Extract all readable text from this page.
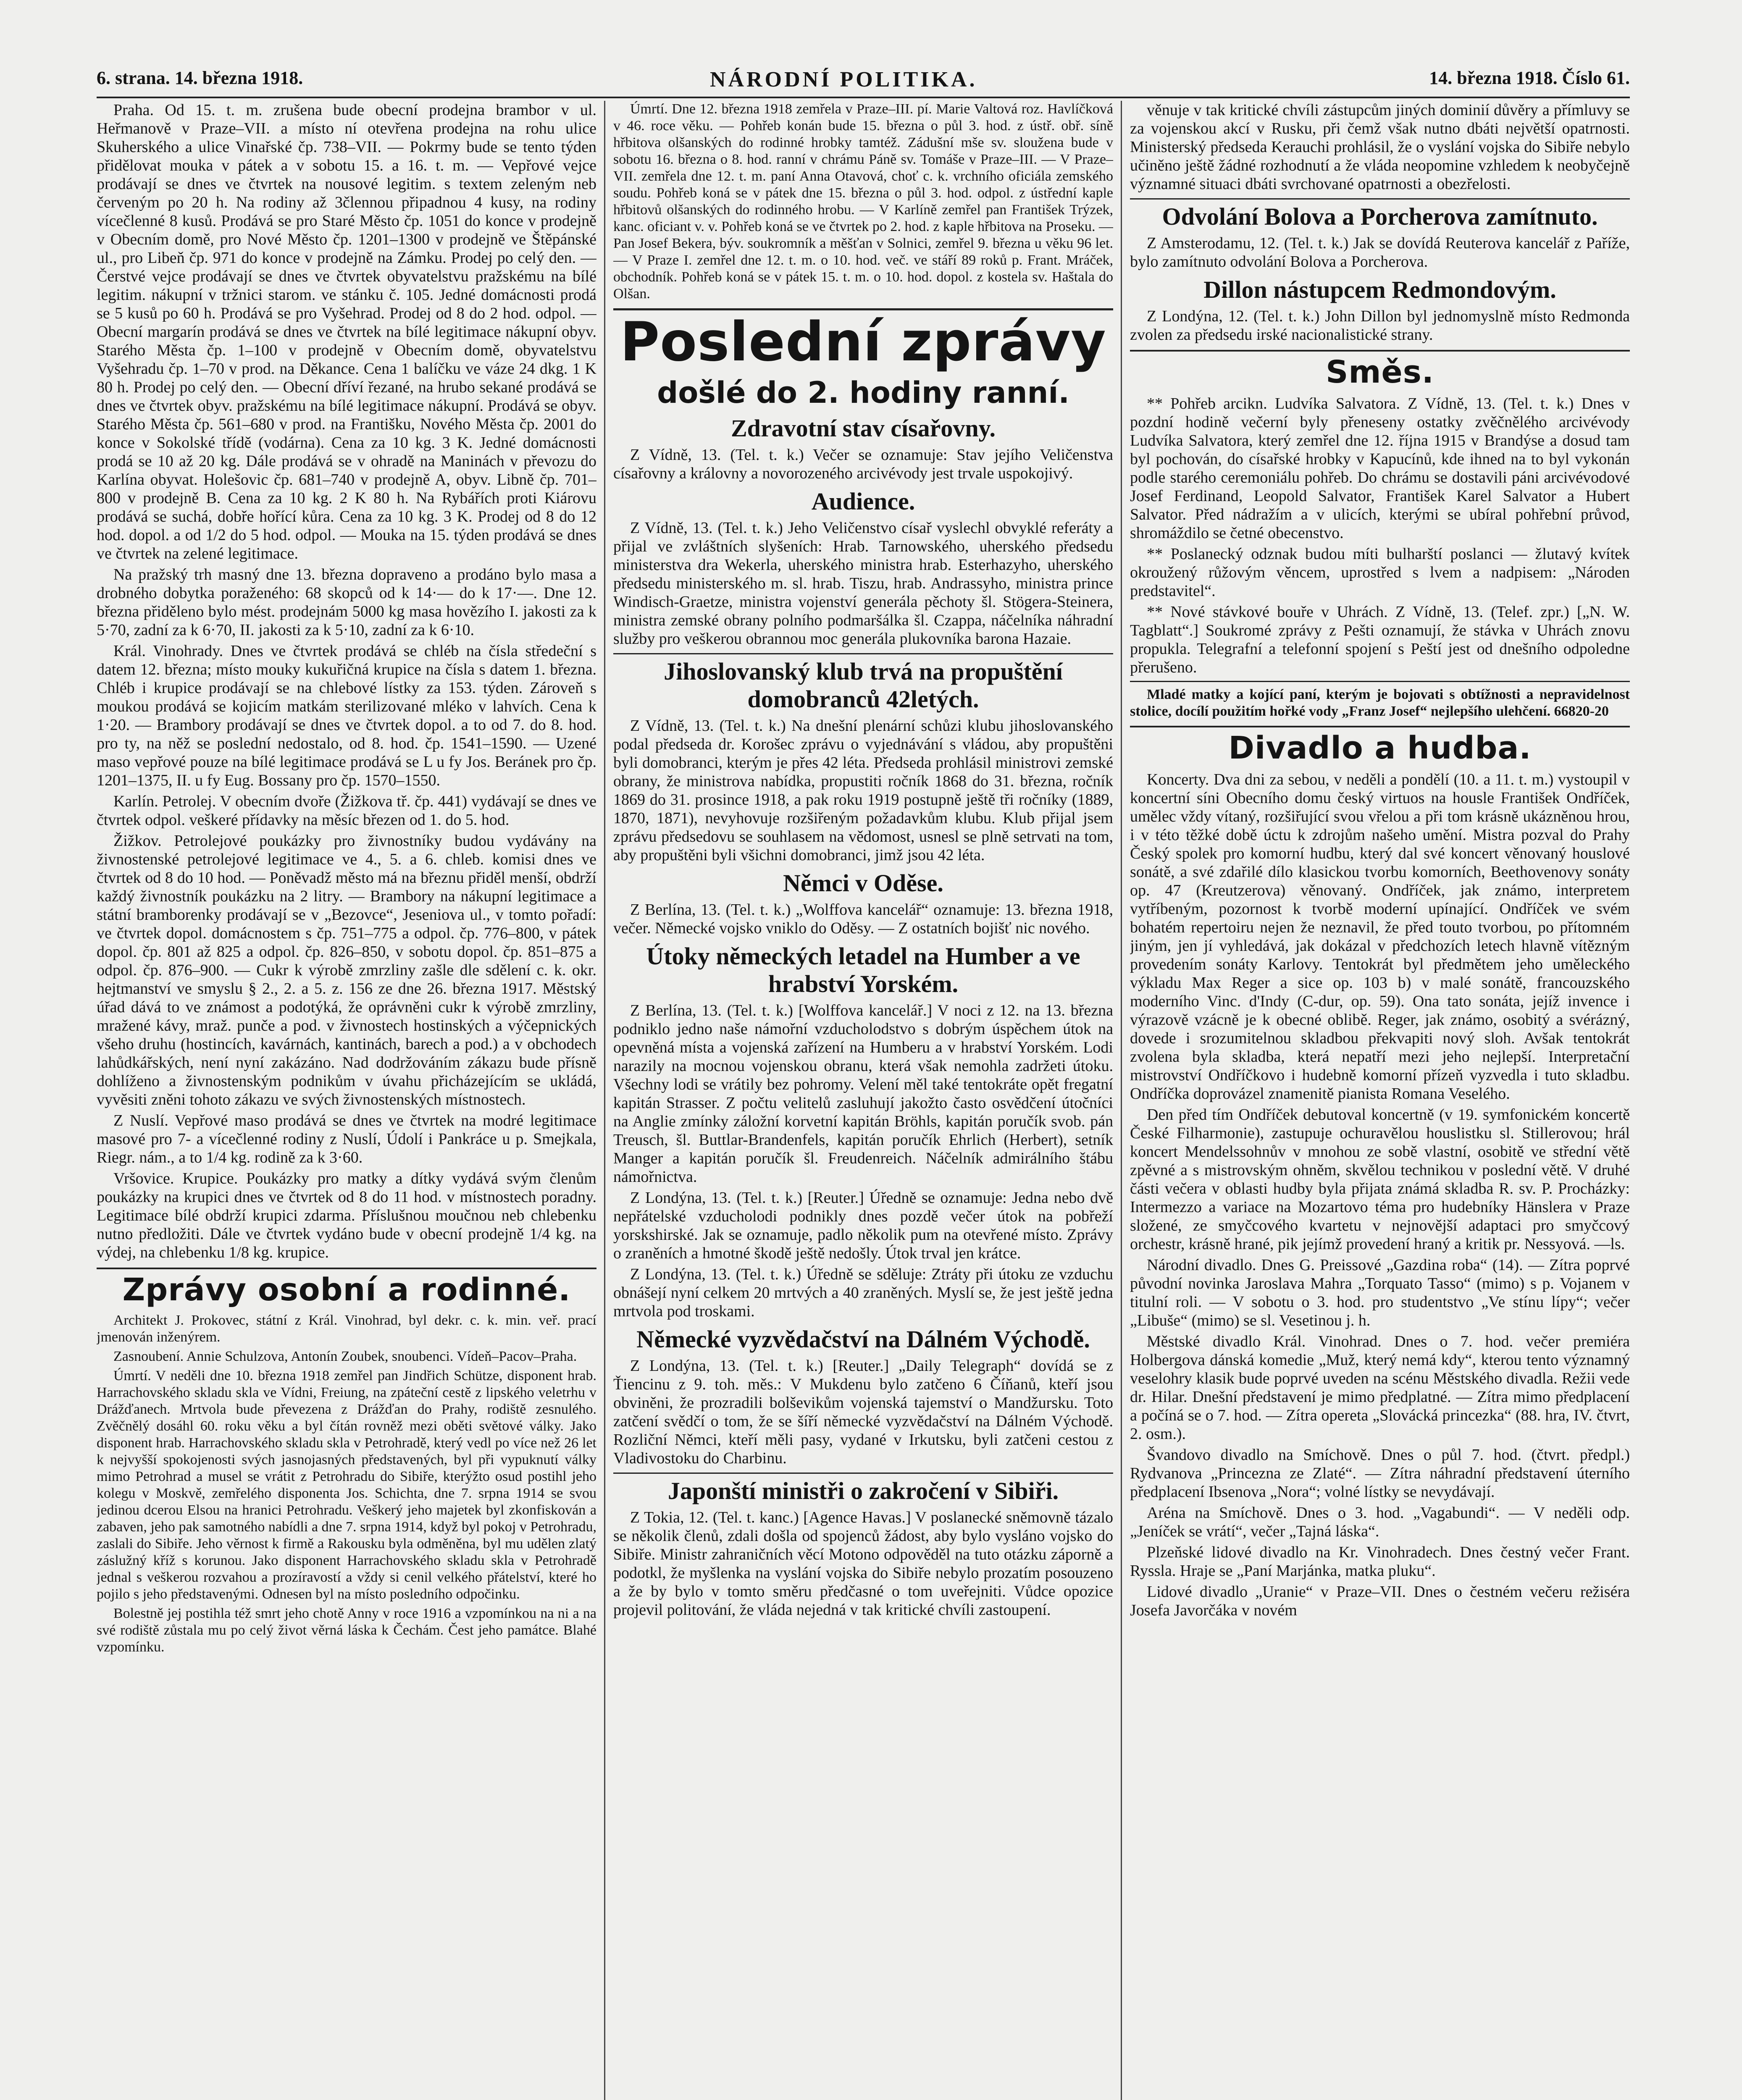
6. strana. 14. března 1918.	NÁRODNÍ POLITIKA.	14. března 1918. Číslo 61.

Praha. Od 15. t. m. zrušena bude obecní prodejna brambor v ul. Heřmanově v Praze–VII. a místo ní otevřena prodejna na rohu ulice Skuherského a ulice Vinařské čp. 738–VII. — Pokrmy bude se tento týden přidělovat mouka v pátek a v sobotu 15. a 16. t. m. — Vepřové vejce prodávají se dnes ve čtvrtek na nousové legitim. s textem zeleným neb červeným po 20 h. Na rodiny až 3člennou připadnou 4 kusy, na rodiny vícečlenné 8 kusů. Prodává se pro Staré Město čp. 1051 do konce v prodejně v Obecním domě, pro Nové Město čp. 1201–1300 v prodejně ve Štěpánské ul., pro Libeň čp. 971 do konce v prodejně na Zámku. Prodej po celý den. — Čerstvé vejce prodávají se dnes ve čtvrtek obyvatelstvu pražskému na bílé legitim. nákupní v tržnici starom. ve stánku č. 105. Jedné domácnosti prodá se 5 kusů po 60 h. Prodává se pro Vyšehrad. Prodej od 8 do 2 hod. odpol. — Obecní margarín prodává se dnes ve čtvrtek na bílé legitimace nákupní obyv. Starého Města čp. 1–100 v prodejně v Obecním domě, obyvatelstvu Vyšehradu čp. 1–70 v prod. na Děkance. Cena 1 balíčku ve váze 24 dkg. 1 K 80 h. Prodej po celý den. — Obecní dříví řezané, na hrubo sekané prodává se dnes ve čtvrtek obyv. pražskému na bílé legitimace nákupní. Prodává se obyv. Starého Města čp. 561–680 v prod. na Františku, Nového Města čp. 2001 do konce v Sokolské třídě (vodárna). Cena za 10 kg. 3 K. Jedné domácnosti prodá se 10 až 20 kg. Dále prodává se v ohradě na Maninách v převozu do Karlína obyvat. Holešovic čp. 681–740 v prodejně A, obyv. Libně čp. 701–800 v prodejně B. Cena za 10 kg. 2 K 80 h. Na Rybářích proti Kiárovu prodává se suchá, dobře hořící kůra. Cena za 10 kg. 3 K. Prodej od 8 do 12 hod. dopol. a od 1/2 do 5 hod. odpol. — Mouka na 15. týden prodává se dnes ve čtvrtek na zelené legitimace.

Na pražský trh masný dne 13. března dopraveno a prodáno bylo masa a drobného dobytka poraženého: 68 skopců od k 14·— do k 17·—. Dne 12. března přiděleno bylo mést. prodejnám 5000 kg masa hovězího I. jakosti za k 5·70, zadní za k 6·70, II. jakosti za k 5·10, zadní za k 6·10.

Král. Vinohrady. Dnes ve čtvrtek prodává se chléb na čísla středeční s datem 12. března; místo mouky kukuřičná krupice na čísla s datem 1. března. Chléb i krupice prodávají se na chlebové lístky za 153. týden. Zároveň s moukou prodává se kojicím matkám sterilizované mléko v lahvích. Cena k 1·20. — Brambory prodávají se dnes ve čtvrtek dopol. a to od 7. do 8. hod. pro ty, na něž se poslední nedostalo, od 8. hod. čp. 1541–1590. — Uzené maso vepřové pouze na bílé legitimace prodává se L u fy Jos. Beránek pro čp. 1201–1375, II. u fy Eug. Bossany pro čp. 1570–1550.

Karlín. Petrolej. V obecním dvoře (Žižkova tř. čp. 441) vydávají se dnes ve čtvrtek odpol. veškeré přídavky na měsíc březen od 1. do 5. hod.

Žižkov. Petrolejové poukázky pro živnostníky budou vydávány na živnostenské petrolejové legitimace ve 4., 5. a 6. chleb. komisi dnes ve čtvrtek od 8 do 10 hod. — Poněvadž město má na březnu přiděl menší, obdrží každý živnostník poukázku na 2 litry. — Brambory na nákupní legitimace a státní bramborenky prodávají se v „Bezovce“, Jeseniova ul., v tomto pořadí: ve čtvrtek dopol. domácnostem s čp. 751–775 a odpol. čp. 776–800, v pátek dopol. čp. 801 až 825 a odpol. čp. 826–850, v sobotu dopol. čp. 851–875 a odpol. čp. 876–900. — Cukr k výrobě zmrzliny zašle dle sdělení c. k. okr. hejtmanství ve smyslu § 2., 2. a 5. z. 156 ze dne 26. března 1917. Městský úřad dává to ve známost a podotýká, že oprávněni cukr k výrobě zmrzliny, mražené kávy, mraž. punče a pod. v živnostech hostinských a výčepnických všeho druhu (hostincích, kavárnách, kantinách, barech a pod.) a v obchodech lahůdkářských, není nyní zakázáno. Nad dodržováním zákazu bude přísně dohlíženo a živnostenským podnikům v úvahu přicházejícím se ukládá, vyvěsiti zněni tohoto zákazu ve svých živnostenských místnostech.

Z Nuslí. Vepřové maso prodává se dnes ve čtvrtek na modré legitimace masové pro 7- a vícečlenné rodiny z Nuslí, Údolí i Pankráce u p. Smejkala, Riegr. nám., a to 1/4 kg. rodině za k 3·60.

Vršovice. Krupice. Poukázky pro matky a dítky vydává svým členům poukázky na krupici dnes ve čtvrtek od 8 do 11 hod. v místnostech poradny. Legitimace bílé obdrží krupici zdarma. Příslušnou moučnou neb chlebenku nutno předložiti. Dále ve čtvrtek vydáno bude v obecní prodejně 1/4 kg. na výdej, na chlebenku 1/8 kg. krupice.

Zprávy osobní a rodinné.

Architekt J. Prokovec, státní z Král. Vinohrad, byl dekr. c. k. min. veř. prací jmenován inženýrem.

Zasnoubení. Annie Schulzova, Antonín Zoubek, snoubenci. Vídeň–Pacov–Praha.

Úmrtí. V neděli dne 10. března 1918 zemřel pan Jindřich Schütze, disponent hrab. Harrachovského skladu skla ve Vídni, Freiung, na zpáteční cestě z lipského veletrhu v Drážďanech. Mrtvola bude převezena z Drážďan do Prahy, rodiště zesnulého. Zvěčnělý dosáhl 60. roku věku a byl čítán rovněž mezi oběti světové války. Jako disponent hrab. Harrachovského skladu skla v Petrohradě, který vedl po více než 26 let k nejvyšší spokojenosti svých jasnojasných představených, byl při vypuknutí války mimo Petrohrad a musel se vrátit z Petrohradu do Sibiře, kterýžto osud postihl jeho kolegu v Moskvě, zemřelého disponenta Jos. Schichta, dne 7. srpna 1914 se svou jedinou dcerou Elsou na hranici Petrohradu. Veškerý jeho majetek byl zkonfiskován a zabaven, jeho pak samotného nabídli a dne 7. srpna 1914, když byl pokoj v Petrohradu, zaslali do Sibiře. Jeho věrnost k firmě a Rakousku byla odměněna, byl mu udělen zlatý záslužný kříž s korunou. Jako disponent Harrachovského skladu skla v Petrohradě jednal s veškerou rozvahou a prozíravostí a vždy si cenil velkého přátelství, které ho pojilo s jeho představenými. Odnesen byl na místo posledního odpočinku.

Bolestně jej postihla též smrt jeho chotě Anny v roce 1916 a vzpomínkou na ni a na své rodiště zůstala mu po celý život věrná láska k Čechám. Čest jeho památce. Blahé vzpomínku.

Úmrtí. Dne 12. března 1918 zemřela v Praze–III. pí. Marie Valtová roz. Havlíčková v 46. roce věku. — Pohřeb konán bude 15. března o půl 3. hod. z ústř. obř. síně hřbitova olšanských do rodinné hrobky tamtéž. Zádušní mše sv. sloužena bude v sobotu 16. března o 8. hod. ranní v chrámu Páně sv. Tomáše v Praze–III. — V Praze–VII. zemřela dne 12. t. m. paní Anna Otavová, choť c. k. vrchního oficiála zemského soudu. Pohřeb koná se v pátek dne 15. března o půl 3. hod. odpol. z ústřední kaple hřbitovů olšanských do rodinného hrobu. — V Karlíně zemřel pan František Trýzek, kanc. oficiant v. v. Pohřeb koná se ve čtvrtek po 2. hod. z kaple hřbitova na Proseku. — Pan Josef Bekera, býv. soukromník a měšťan v Solnici, zemřel 9. března u věku 96 let. — V Praze I. zemřel dne 12. t. m. o 10. hod. več. ve stáří 89 roků p. Frant. Mráček, obchodník. Pohřeb koná se v pátek 15. t. m. o 10. hod. dopol. z kostela sv. Haštala do Olšan.

Poslední zprávy
došlé do 2. hodiny ranní.
Zdravotní stav císařovny.

Z Vídně, 13. (Tel. t. k.) Večer se oznamuje: Stav jejího Veličenstva císařovny a královny a novorozeného arcivévody jest trvale uspokojivý.

Audience.

Z Vídně, 13. (Tel. t. k.) Jeho Veličenstvo císař vyslechl obvyklé referáty a přijal ve zvláštních slyšeních: Hrab. Tarnowského, uherského předsedu ministerstva dra Wekerla, uherského ministra hrab. Esterhazyho, uherského předsedu ministerského m. sl. hrab. Tiszu, hrab. Andrassyho, ministra prince Windisch-Graetze, ministra vojenství generála pěchoty šl. Stögera-Steinera, ministra zemské obrany polního podmaršálka šl. Czappa, náčelníka náhradní služby pro veškerou obrannou moc generála plukovníka barona Hazaie.

Jihoslovanský klub trvá na propuštění domobranců 42letých.

Z Vídně, 13. (Tel. t. k.) Na dnešní plenární schůzi klubu jihoslovanského podal předseda dr. Korošec zprávu o vyjednávání s vládou, aby propuštěni byli domobranci, kterým je přes 42 léta. Předseda prohlásil ministrovi zemské obrany, že ministrova nabídka, propustiti ročník 1868 do 31. března, ročník 1869 do 31. prosince 1918, a pak roku 1919 postupně ještě tři ročníky (1889, 1870, 1871), nevyhovuje rozšiřeným požadavkům klubu. Klub přijal jsem zprávu předsedovu se souhlasem na vědomost, usnesl se plně setrvati na tom, aby propuštěni byli všichni domobranci, jimž jsou 42 léta.

Němci v Oděse.

Z Berlína, 13. (Tel. t. k.) „Wolffova kancelář“ oznamuje: 13. března 1918, večer. Německé vojsko vniklo do Oděsy. — Z ostatních bojišť nic nového.

Útoky německých letadel na Humber a ve hrabství Yorském.

Z Berlína, 13. (Tel. t. k.) [Wolffova kancelář.] V noci z 12. na 13. března podniklo jedno naše námořní vzducholodstvo s dobrým úspěchem útok na opevněná místa a vojenská zařízení na Humberu a v hrabství Yorském. Lodi narazily na mocnou vojenskou obranu, která však nemohla zadržeti útoku. Všechny lodi se vrátily bez pohromy. Velení měl také tentokráte opět fregatní kapitán Strasser. Z počtu velitelů zasluhují jakožto často osvědčení útočníci na Anglie zmínky záložní korvetní kapitán Bröhls, kapitán poručík svob. pán Treusch, šl. Buttlar-Brandenfels, kapitán poručík Ehrlich (Herbert), setník Manger a kapitán poručík šl. Freudenreich. Náčelník admirálního štábu námořnictva.

Z Londýna, 13. (Tel. t. k.) [Reuter.] Úředně se oznamuje: Jedna nebo dvě nepřátelské vzducholodi podnikly dnes pozdě večer útok na pobřeží yorskshirské. Jak se oznamuje, padlo několik pum na otevřené místo. Zprávy o zraněních a hmotné škodě ještě nedošly. Útok trval jen krátce.

Z Londýna, 13. (Tel. t. k.) Úředně se sděluje: Ztráty při útoku ze vzduchu obnášejí nyní celkem 20 mrtvých a 40 zraněných. Myslí se, že jest ještě jedna mrtvola pod troskami.

Německé vyzvědačství na Dálném Východě.

Z Londýna, 13. (Tel. t. k.) [Reuter.] „Daily Telegraph“ dovídá se z Ťiencinu z 9. toh. měs.: V Mukdenu bylo zatčeno 6 Číňanů, kteří jsou obviněni, že prozradili bolševikům vojenská tajemství o Mandžursku. Toto zatčení svědčí o tom, že se šíří německé vyzvědačství na Dálném Východě. Rozliční Němci, kteří měli pasy, vydané v Irkutsku, byli zatčeni cestou z Vladivostoku do Charbinu.

Japonští ministři o zakročení v Sibiři.

Z Tokia, 12. (Tel. t. kanc.) [Agence Havas.] V poslanecké sněmovně tázalo se několik členů, zdali došla od spojenců žádost, aby bylo vysláno vojsko do Sibiře. Ministr zahraničních věcí Motono odpověděl na tuto otázku záporně a podotkl, že myšlenka na vyslání vojska do Sibiře nebylo prozatím posouzeno a že by bylo v tomto směru předčasné o tom uveřejniti. Vůdce opozice projevil politování, že vláda nejedná v tak kritické chvíli zastoupení.

věnuje v tak kritické chvíli zástupcům jiných dominií důvěry a přímluvy se za vojenskou akcí v Rusku, při čemž však nutno dbáti největší opatrnosti. Ministerský předseda Kerauchi prohlásil, že o vyslání vojska do Sibiře nebylo učiněno ještě žádné rozhodnutí a že vláda neopomine vzhledem k neobyčejně významné situaci dbáti svrchované opatrnosti a obezřelosti.

Odvolání Bolova a Porcherova zamítnuto.

Z Amsterodamu, 12. (Tel. t. k.) Jak se dovídá Reuterova kancelář z Paříže, bylo zamítnuto odvolání Bolova a Porcherova.

Dillon nástupcem Redmondovým.

Z Londýna, 12. (Tel. t. k.) John Dillon byl jednomyslně místo Redmonda zvolen za předsedu irské nacionalistické strany.

Směs.

** Pohřeb arcikn. Ludvíka Salvatora. Z Vídně, 13. (Tel. t. k.) Dnes v pozdní hodině večerní byly přeneseny ostatky zvěčnělého arcivévody Ludvíka Salvatora, který zemřel dne 12. října 1915 v Brandýse a dosud tam byl pochován, do císařské hrobky v Kapucínů, kde ihned na to byl vykonán podle starého ceremoniálu pohřeb. Do chrámu se dostavili páni arcivévodové Josef Ferdinand, Leopold Salvator, František Karel Salvator a Hubert Salvator. Před nádražím a v ulicích, kterými se ubíral pohřební průvod, shromáždilo se četné obecenstvo.

** Poslanecký odznak budou míti bulharští poslanci — žlutavý kvítek okroužený růžovým věncem, uprostřed s lvem a nadpisem: „Národen predstavitel“.

** Nové stávkové bouře v Uhrách. Z Vídně, 13. (Telef. zpr.) [„N. W. Tagblatt“.] Soukromé zprávy z Pešti oznamují, že stávka v Uhrách znovu propukla. Telegrafní a telefonní spojení s Peští jest od dnešního odpoledne přerušeno.

Mladé matky a kojící paní, kterým je bojovati s obtížnosti a nepravidelnost stolice, docílí použitím hořké vody „Franz Josef“ nejlepšího ulehčení. 66820-20

Divadlo a hudba.

Koncerty. Dva dni za sebou, v neděli a pondělí (10. a 11. t. m.) vystoupil v koncertní síni Obecního domu český virtuos na housle František Ondříček, umělec vždy vítaný, rozšiřující svou vřelou a při tom krásně ukázněnou hrou, i v této těžké době úctu k zdrojům našeho umění. Mistra pozval do Prahy Český spolek pro komorní hudbu, který dal své koncert věnovaný houslové sonátě, a své zdařilé dílo klasickou tvorbu komorních, Beethovenovy sonáty op. 47 (Kreutzerova) věnovaný. Ondříček, jak známo, interpretem vytříbeným, pozornost k tvorbě moderní upínající. Ondříček ve svém bohatém repertoiru nejen že neznavil, že před touto tvorbou, po přítomném jiným, jen jí vyhledává, jak dokázal v předchozích letech hlavně vítězným provedením sonáty Karlovy. Tentokrát byl předmětem jeho uměleckého výkladu Max Reger a sice op. 103 b) v malé sonátě, francouzského moderního Vinc. d'Indy (C-dur, op. 59). Ona tato sonáta, jejíž invence i výrazově vzácně je k obecné oblibě. Reger, jak známo, osobitý a svérázný, dovede i srozumitelnou skladbou překvapiti nový sloh. Avšak tentokrát zvolena byla skladba, která nepatří mezi jeho nejlepší. Interpretační mistrovství Ondříčkovo i hudebně komorní přízeň vyzvedla i tuto skladbu. Ondříčka doprovázel znamenitě pianista Romana Veselého.

Den před tím Ondříček debutoval koncertně (v 19. symfonickém koncertě České Filharmonie), zastupuje ochuravělou houslistku sl. Stillerovou; hrál koncert Mendelssohnův v mnohou ze sobě vlastní, osobitě ve střední větě zpěvné a s mistrovským ohněm, skvělou technikou v poslední větě. V druhé části večera v oblasti hudby byla přijata známá skladba R. sv. P. Procházky: Intermezzo a variace na Mozartovo téma pro hudebníky Hänslera v Praze složené, ze smyčcového kvartetu v nejnovější adaptaci pro smyčcový orchestr, krásně hrané, pik jejímž provedení hraný a kritik pr. Nessyová. —ls.

Národní divadlo. Dnes G. Preissové „Gazdina roba“ (14). — Zítra poprvé původní novinka Jaroslava Mahra „Torquato Tasso“ (mimo) s p. Vojanem v titulní roli. — V sobotu o 3. hod. pro studentstvo „Ve stínu lípy“; večer „Libuše“ (mimo) se sl. Vesetinou j. h.

Městské divadlo Král. Vinohrad. Dnes o 7. hod. večer premiéra Holbergova dánská komedie „Muž, který nemá kdy“, kterou tento významný veselohry klasik bude poprvé uveden na scénu Městského divadla. Režii vede dr. Hilar. Dnešní představení je mimo předplatné. — Zítra mimo předplacení a počíná se o 7. hod. — Zítra opereta „Slovácká princezka“ (88. hra, IV. čtvrt, 2. osm.).

Švandovo divadlo na Smíchově. Dnes o půl 7. hod. (čtvrt. předpl.) Rydvanova „Princezna ze Zlaté“. — Zítra náhradní představení úterního předplacení Ibsenova „Nora“; volné lístky se nevydávají.

Aréna na Smíchově. Dnes o 3. hod. „Vagabundi“. — V neděli odp. „Jeníček se vrátí“, večer „Tajná láska“.

Plzeňské lidové divadlo na Kr. Vinohradech. Dnes čestný večer Frant. Ryssla. Hraje se „Paní Marjánka, matka pluku“.

Lidové divadlo „Uranie“ v Praze–VII. Dnes o čestném večeru režiséra Josefa Javorčáka v novém
